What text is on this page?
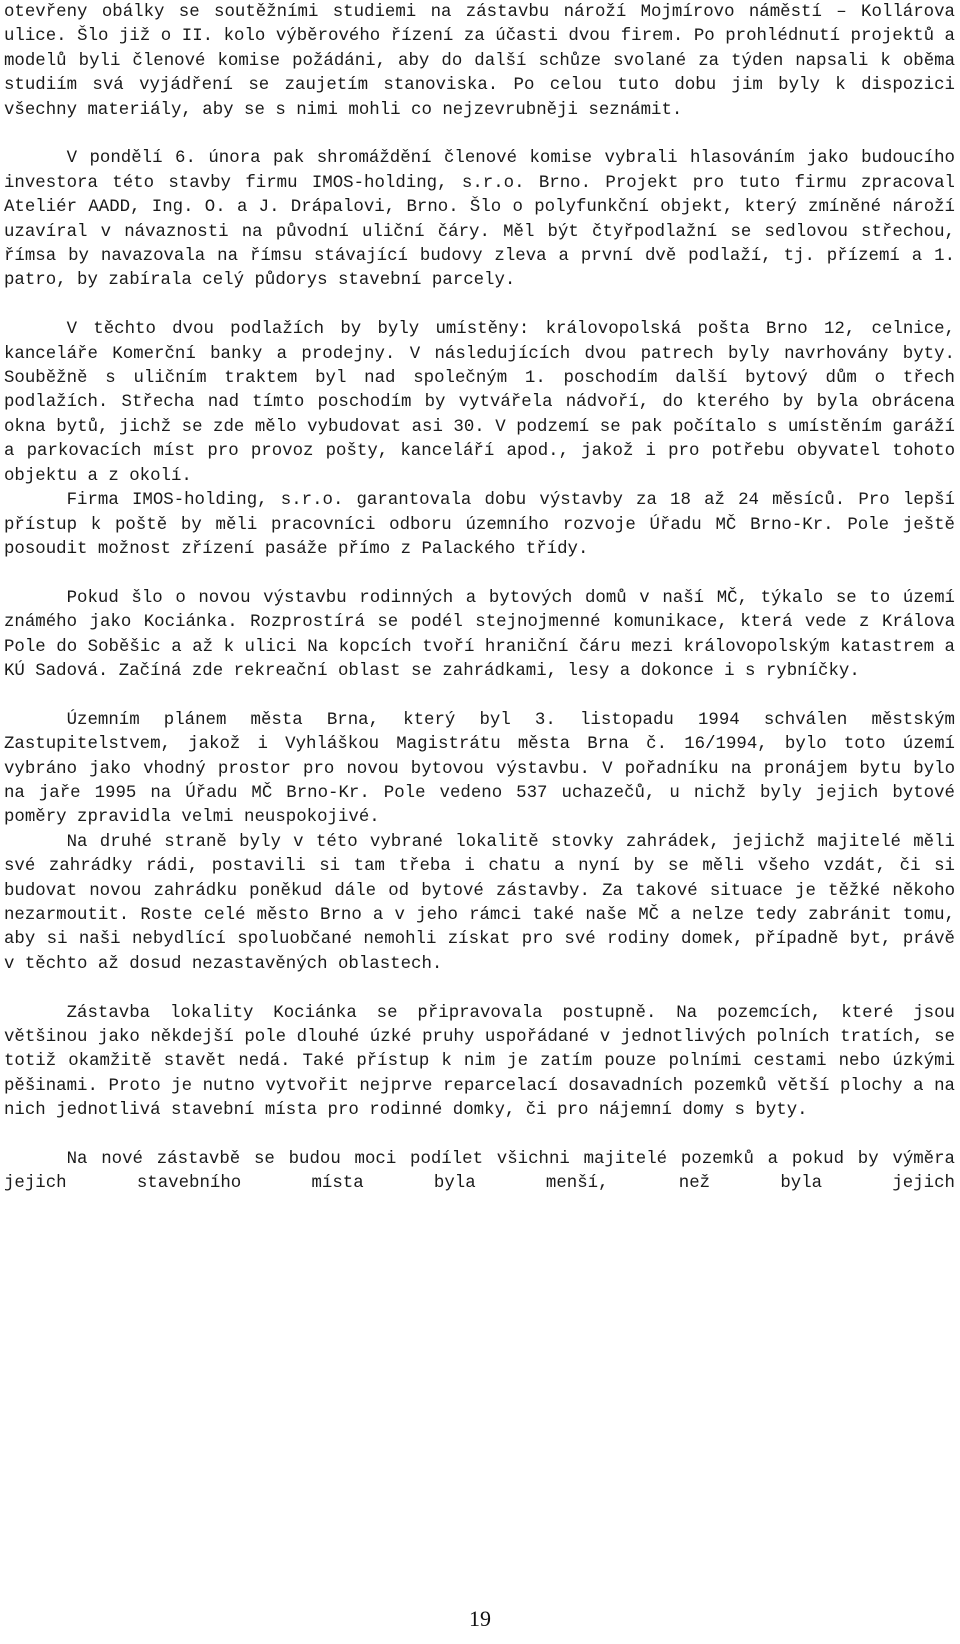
otevřeny obálky se soutěžními studiemi na zástavbu nároží Mojmírovo náměstí – Kollárova ulice. Šlo již o II. kolo výběrového řízení za účasti dvou firem. Po prohlédnutí projektů a modelů byli členové komise požádáni, aby do další schůze svolané za týden napsali k oběma studiím svá vyjádření se zaujetím stanoviska. Po celou tuto dobu jim byly k dispozici všechny materiály, aby se s nimi mohli co nejzevrubněji seznámit.

V pondělí 6. února pak shromáždění členové komise vybrali hlasováním jako budoucího investora této stavby firmu IMOS-holding, s.r.o. Brno. Projekt pro tuto firmu zpracoval Ateliér AADD, Ing. O. a J. Drápalovi, Brno. Šlo o polyfunkční objekt, který zmíněné nároží uzavíral v návaznosti na původní uliční čáry. Měl být čtyřpodlažní se sedlovou střechou, římsa by navazovala na římsu stávající budovy zleva a první dvě podlaží, tj. přízemí a 1. patro, by zabírala celý půdorys stavební parcely.

V těchto dvou podlažích by byly umístěny: královopolská pošta Brno 12, celnice, kanceláře Komerční banky a prodejny. V následujících dvou patrech byly navrhovány byty. Souběžně s uličním traktem byl nad společným 1. poschodím další bytový dům o třech podlažích. Střecha nad tímto poschodím by vytvářela nádvoří, do kterého by byla obrácena okna bytů, jichž se zde mělo vybudovat asi 30. V podzemí se pak počítalo s umístěním garáží a parkovacích míst pro provoz pošty, kanceláří apod., jakož i pro potřebu obyvatel tohoto objektu a z okolí.

Firma IMOS-holding, s.r.o. garantovala dobu výstavby za 18 až 24 měsíců. Pro lepší přístup k poště by měli pracovníci odboru územního rozvoje Úřadu MČ Brno-Kr. Pole ještě posoudit možnost zřízení pasáže přímo z Palackého třídy.

Pokud šlo o novou výstavbu rodinných a bytových domů v naší MČ, týkalo se to území známého jako Kociánka. Rozprostírá se podél stejnojmenné komunikace, která vede z Králova Pole do Soběšic a až k ulici Na kopcích tvoří hraniční čáru mezi královopolským katastrem a KÚ Sadová. Začíná zde rekreační oblast se zahrádkami, lesy a dokonce i s rybníčky.

Územním plánem města Brna, který byl 3. listopadu 1994 schválen městským Zastupitelstvem, jakož i Vyhláškou Magistrátu města Brna č. 16/1994, bylo toto území vybráno jako vhodný prostor pro novou bytovou výstavbu. V pořadníku na pronájem bytu bylo na jaře 1995 na Úřadu MČ Brno-Kr. Pole vedeno 537 uchazečů, u nichž byly jejich bytové poměry zpravidla velmi neuspokojivé.

Na druhé straně byly v této vybrané lokalitě stovky zahrádek, jejichž majitelé měli své zahrádky rádi, postavili si tam třeba i chatu a nyní by se měli všeho vzdát, či si budovat novou zahrádku poněkud dále od bytové zástavby. Za takové situace je těžké někoho nezarmoutit. Roste celé město Brno a v jeho rámci také naše MČ a nelze tedy zabránit tomu, aby si naši nebydlící spoluobčané nemohli získat pro své rodiny domek, případně byt, právě v těchto až dosud nezastavěných oblastech.

Zástavba lokality Kociánka se připravovala postupně. Na pozemcích, které jsou většinou jako někdejší pole dlouhé úzké pruhy uspořádané v jednotlivých polních tratích, se totiž okamžitě stavět nedá. Také přístup k nim je zatím pouze polními cestami nebo úzkými pěšinami. Proto je nutno vytvořit nejprve reparcelací dosavadních pozemků větší plochy a na nich jednotlivá stavební místa pro rodinné domky, či pro nájemní domy s byty.

Na nové zástavbě se budou moci podílet všichni majitelé pozemků a pokud by výměra jejich stavebního místa byla menší, než byla jejich

19
